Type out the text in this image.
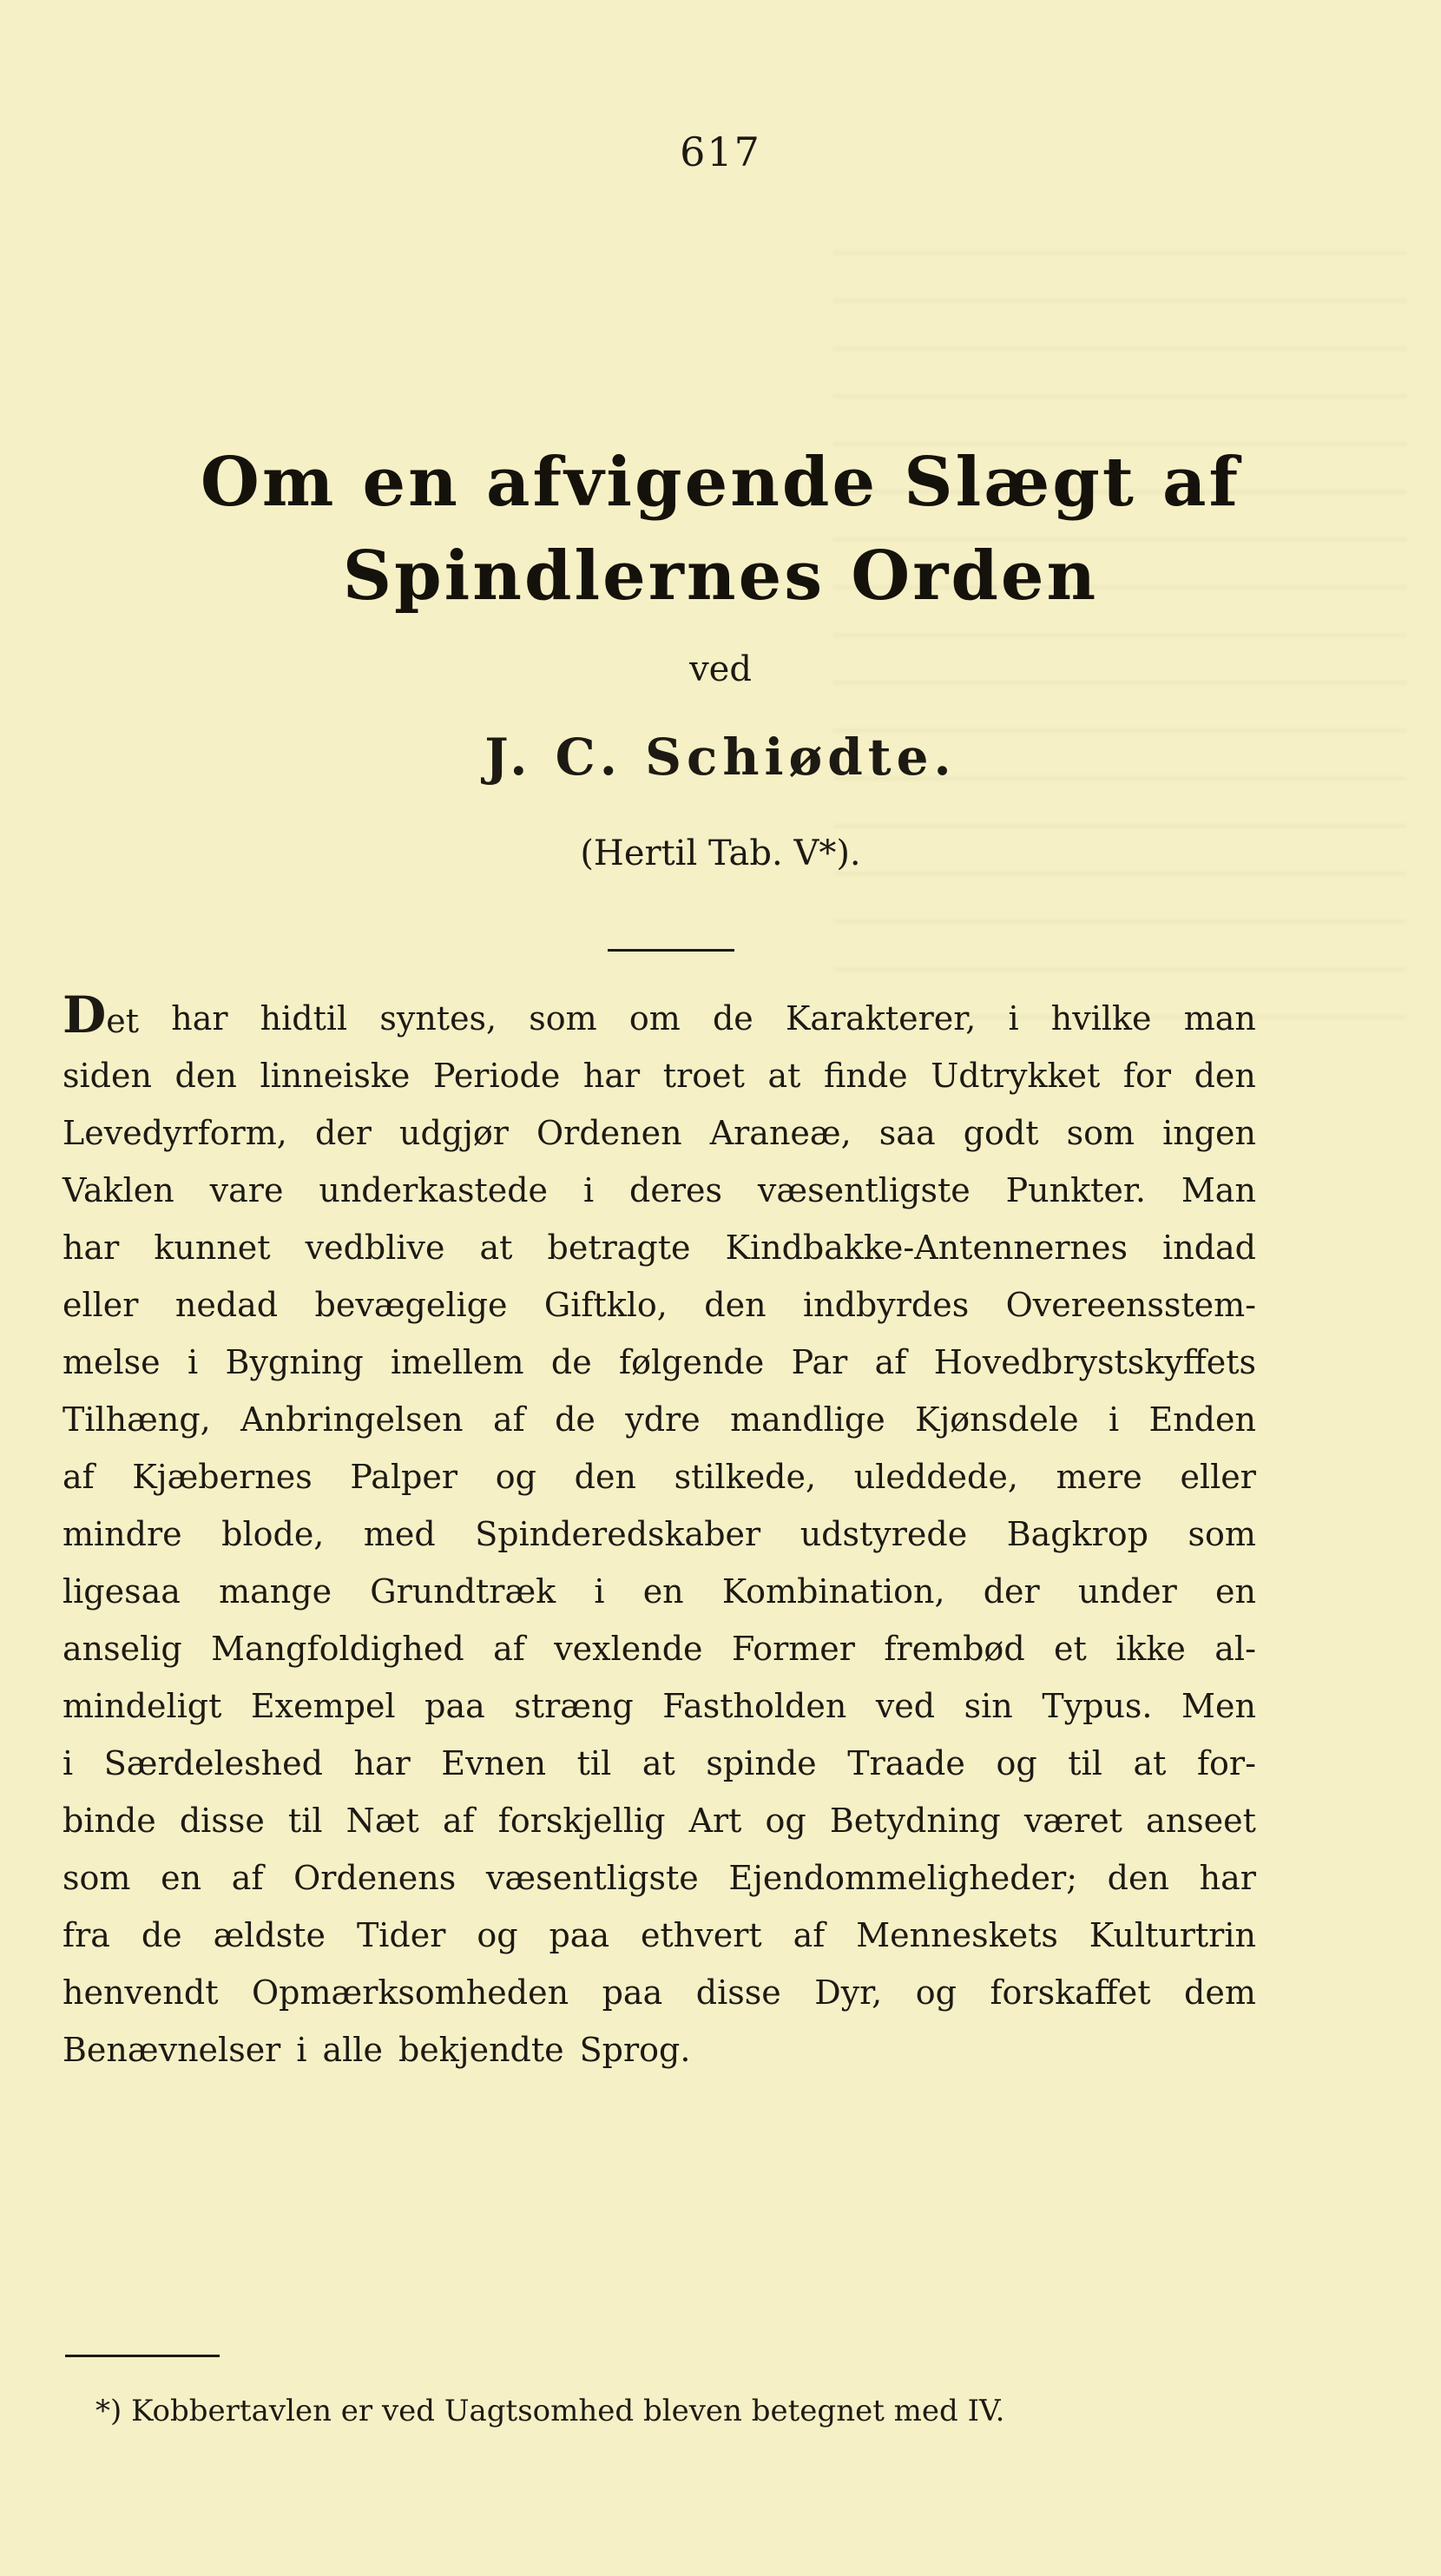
617
Om en afvigende Slægt af
Spindlernes Orden
ved
J. C. Schiødte.
(Hertil Tab. V*).
Det har hidtil syntes, som om de Karakterer, i hvilke man
siden den linneiske Periode har troet at finde Udtrykket for den
Levedyrform, der udgjør Ordenen Araneæ, saa godt som ingen
Vaklen vare underkastede i deres væsentligste Punkter. Man
har kunnet vedblive at betragte Kindbakke-Antennernes indad
eller nedad bevægelige Giftklo, den indbyrdes Overeensstem-
melse i Bygning imellem de følgende Par af Hovedbrystskyffets
Tilhæng, Anbringelsen af de ydre mandlige Kjønsdele i Enden
af Kjæbernes Palper og den stilkede, uleddede, mere eller
mindre blode, med Spinderedskaber udstyrede Bagkrop som
ligesaa mange Grundtræk i en Kombination, der under en
anselig Mangfoldighed af vexlende Former frembød et ikke al-
mindeligt Exempel paa stræng Fastholden ved sin Typus. Men
i Særdeleshed har Evnen til at spinde Traade og til at for-
binde disse til Næt af forskjellig Art og Betydning været anseet
som en af Ordenens væsentligste Ejendommeligheder; den har
fra de ældste Tider og paa ethvert af Menneskets Kulturtrin
henvendt Opmærksomheden paa disse Dyr, og forskaffet dem
Benævnelser i alle bekjendte Sprog.
*) Kobbertavlen er ved Uagtsomhed bleven betegnet med IV.
